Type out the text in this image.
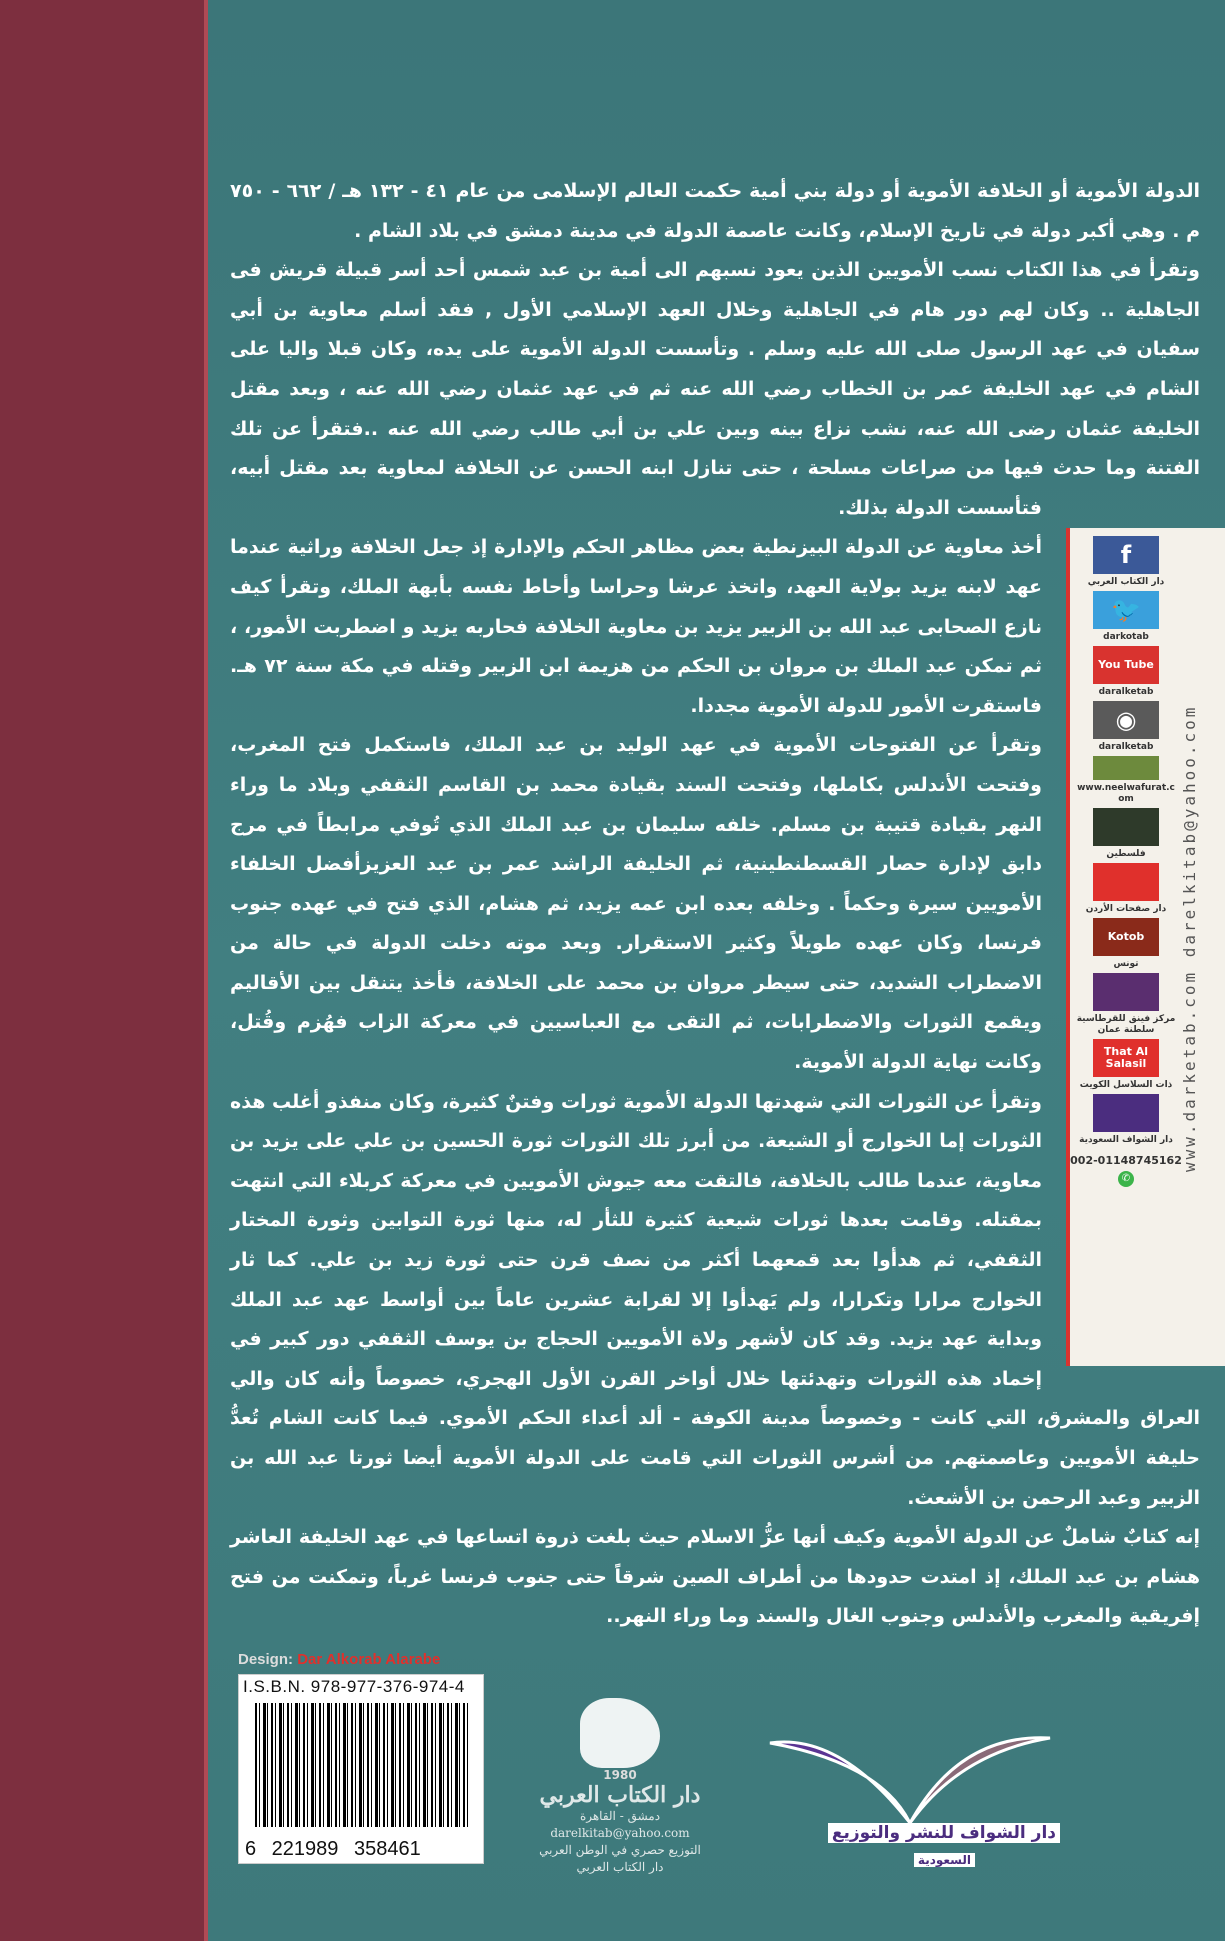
الدولة الأموية أو الخلافة الأموية أو دولة بني أمية حكمت العالم الإسلامى من عام ٤١ - ١٣٢ هـ / ٦٦٢ - ٧٥٠ م . وهي أكبر دولة في تاريخ الإسلام، وكانت عاصمة الدولة في مدينة دمشق في بلاد الشام .

وتقرأ في هذا الكتاب نسب الأمويين الذين يعود نسبهم الى أمية بن عبد شمس أحد أسر قبيلة قريش فى الجاهلية .. وكان لهم دور هام في الجاهلية وخلال العهد الإسلامي الأول , فقد أسلم معاوية بن أبي سفيان في عهد الرسول صلى الله عليه وسلم . وتأسست الدولة الأموية على يده، وكان قبلا واليا على الشام في عهد الخليفة عمر بن الخطاب رضي الله عنه ثم في عهد عثمان رضي الله عنه ، وبعد مقتل الخليفة عثمان رضى الله عنه، نشب نزاع بينه وبين علي بن أبي طالب رضي الله عنه ..فتقرأ عن تلك الفتنة وما حدث فيها من صراعات مسلحة ، حتى تنازل ابنه الحسن عن الخلافة لمعاوية بعد مقتل أبيه، فتأسست الدولة بذلك.

أخذ معاوية عن الدولة البيزنطية بعض مظاهر الحكم والإدارة إذ جعل الخلافة وراثية عندما عهد لابنه يزيد بولاية العهد، واتخذ عرشا وحراسا وأحاط نفسه بأبهة الملك، وتقرأ كيف نازع الصحابى عبد الله بن الزبير يزيد بن معاوية الخلافة فحاربه يزيد و اضطربت الأمور، ، ثم تمكن عبد الملك بن مروان بن الحكم من هزيمة ابن الزبير وقتله في مكة سنة ٧٢ هـ. فاستقرت الأمور للدولة الأموية مجددا.

وتقرأ عن الفتوحات الأموية في عهد الوليد بن عبد الملك، فاستكمل فتح المغرب، وفتحت الأندلس بكاملها، وفتحت السند بقيادة محمد بن القاسم الثقفي وبلاد ما وراء النهر بقيادة قتيبة بن مسلم. خلفه سليمان بن عبد الملك الذي تُوفي مرابطاً في مرج دابق لإدارة حصار القسطنطينية، ثم الخليفة الراشد عمر بن عبد العزيزأفضل الخلفاء الأمويين سيرة وحكماً . وخلفه بعده ابن عمه يزيد، ثم هشام، الذي فتح في عهده جنوب فرنسا، وكان عهده طويلاً وكثير الاستقرار. وبعد موته دخلت الدولة في حالة من الاضطراب الشديد، حتى سيطر مروان بن محمد على الخلافة، فأخذ يتنقل بين الأقاليم ويقمع الثورات والاضطرابات، ثم التقى مع العباسيين في معركة الزاب فهُزم وقُتل، وكانت نهاية الدولة الأموية.

وتقرأ عن الثورات التي شهدتها الدولة الأموية ثورات وفتنٌ كثيرة، وكان منفذو أغلب هذه الثورات إما الخوارج أو الشيعة. من أبرز تلك الثورات ثورة الحسين بن علي على يزيد بن معاوية، عندما طالب بالخلافة، فالتقت معه جيوش الأمويين في معركة كربلاء التي انتهت بمقتله. وقامت بعدها ثورات شيعية كثيرة للثأر له، منها ثورة التوابين وثورة المختار الثقفي، ثم هدأوا بعد قمعهما أكثر من نصف قرن حتى ثورة زيد بن علي. كما ثار الخوارج مرارا وتكرارا، ولم يَهدأوا إلا لقرابة عشرين عاماً بين أواسط عهد عبد الملك وبداية عهد يزيد. وقد كان لأشهر ولاة الأمويين الحجاج بن يوسف الثقفي دور كبير في إخماد هذه الثورات وتهدئتها خلال أواخر القرن الأول الهجري، خصوصاً وأنه كان والي العراق والمشرق، التي كانت - وخصوصاً مدينة الكوفة - ألد أعداء الحكم الأموي. فيما كانت الشام تُعدُّ حليفة الأمويين وعاصمتهم. من أشرس الثورات التي قامت على الدولة الأموية أيضا ثورتا عبد الله بن الزبير وعبد الرحمن بن الأشعث.

إنه كتابٌ شاملٌ عن الدولة الأموية وكيف أنها عزُّ الاسلام حيث بلغت ذروة اتساعها في عهد الخليفة العاشر هشام بن عبد الملك، إذ امتدت حدودها من أطراف الصين شرقاً حتى جنوب فرنسا غرباً، وتمكنت من فتح إفريقية والمغرب والأندلس وجنوب الغال والسند وما وراء النهر..

f
دار الكتاب العربي
🐦
darkotab
You Tube
daralketab
◉
daralketab
www.neelwafurat.com
فلسطين
دار صفحات الأردن
Kotob
تونس
مركز فينق للقرطاسية سلطنة عمان
That Al Salasil
ذات السلاسل الكويت
دار الشواف السعودية
002-01148745162
✆
www.darketab.com darelkitab@yahoo.com
Design: Dar Alkorab Alarabe
I.S.B.N. 978-977-376-974-4
6 221989 358461
1980
دار الكتاب العربي
دمشق - القاهرة
darelkitab@yahoo.com
التوزيع حصري في الوطن العربي
دار الكتاب العربي
دار الشواف للنشر والتوزيع
السعودية
